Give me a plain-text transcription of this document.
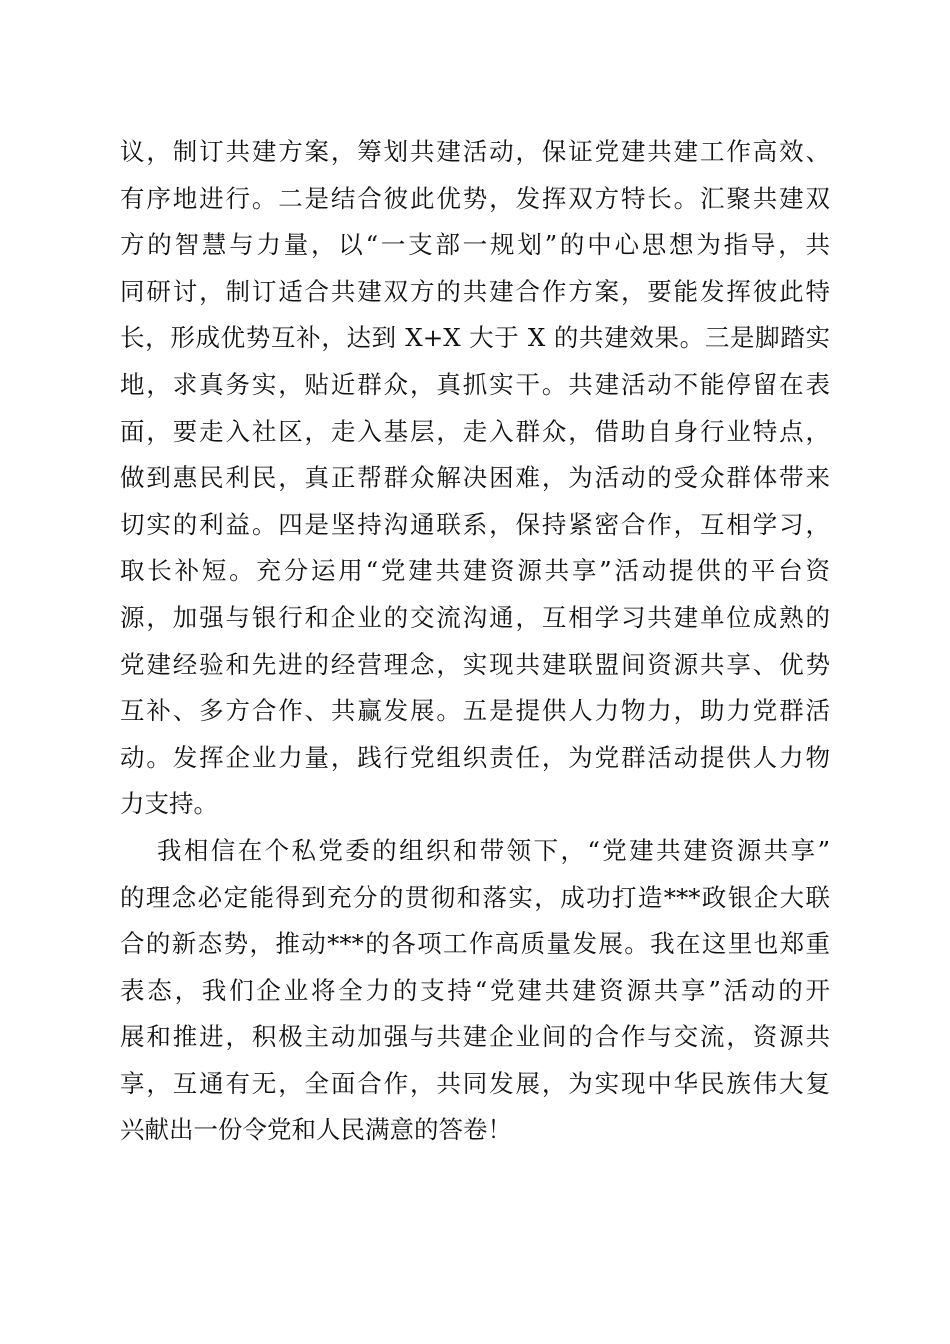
议，制订共建方案，筹划共建活动，保证党建共建工作高效、
有序地进行。二是结合彼此优势，发挥双方特长。汇聚共建双
方的智慧与力量，以“一支部一规划”的中心思想为指导，共
同研讨，制订适合共建双方的共建合作方案，要能发挥彼此特
长，形成优势互补，达到 X+X 大于 X 的共建效果。三是脚踏实
地，求真务实，贴近群众，真抓实干。共建活动不能停留在表
面，要走入社区，走入基层，走入群众，借助自身行业特点，
做到惠民利民，真正帮群众解决困难，为活动的受众群体带来
切实的利益。四是坚持沟通联系，保持紧密合作，互相学习，
取长补短。充分运用“党建共建资源共享”活动提供的平台资
源，加强与银行和企业的交流沟通，互相学习共建单位成熟的
党建经验和先进的经营理念，实现共建联盟间资源共享、优势
互补、多方合作、共赢发展。五是提供人力物力，助力党群活
动。发挥企业力量，践行党组织责任，为党群活动提供人力物
力支持。
我相信在个私党委的组织和带领下，“党建共建资源共享”
的理念必定能得到充分的贯彻和落实，成功打造***政银企大联
合的新态势，推动***的各项工作高质量发展。我在这里也郑重
表态，我们企业将全力的支持“党建共建资源共享”活动的开
展和推进，积极主动加强与共建企业间的合作与交流，资源共
享，互通有无，全面合作，共同发展，为实现中华民族伟大复
兴献出一份令党和人民满意的答卷！
